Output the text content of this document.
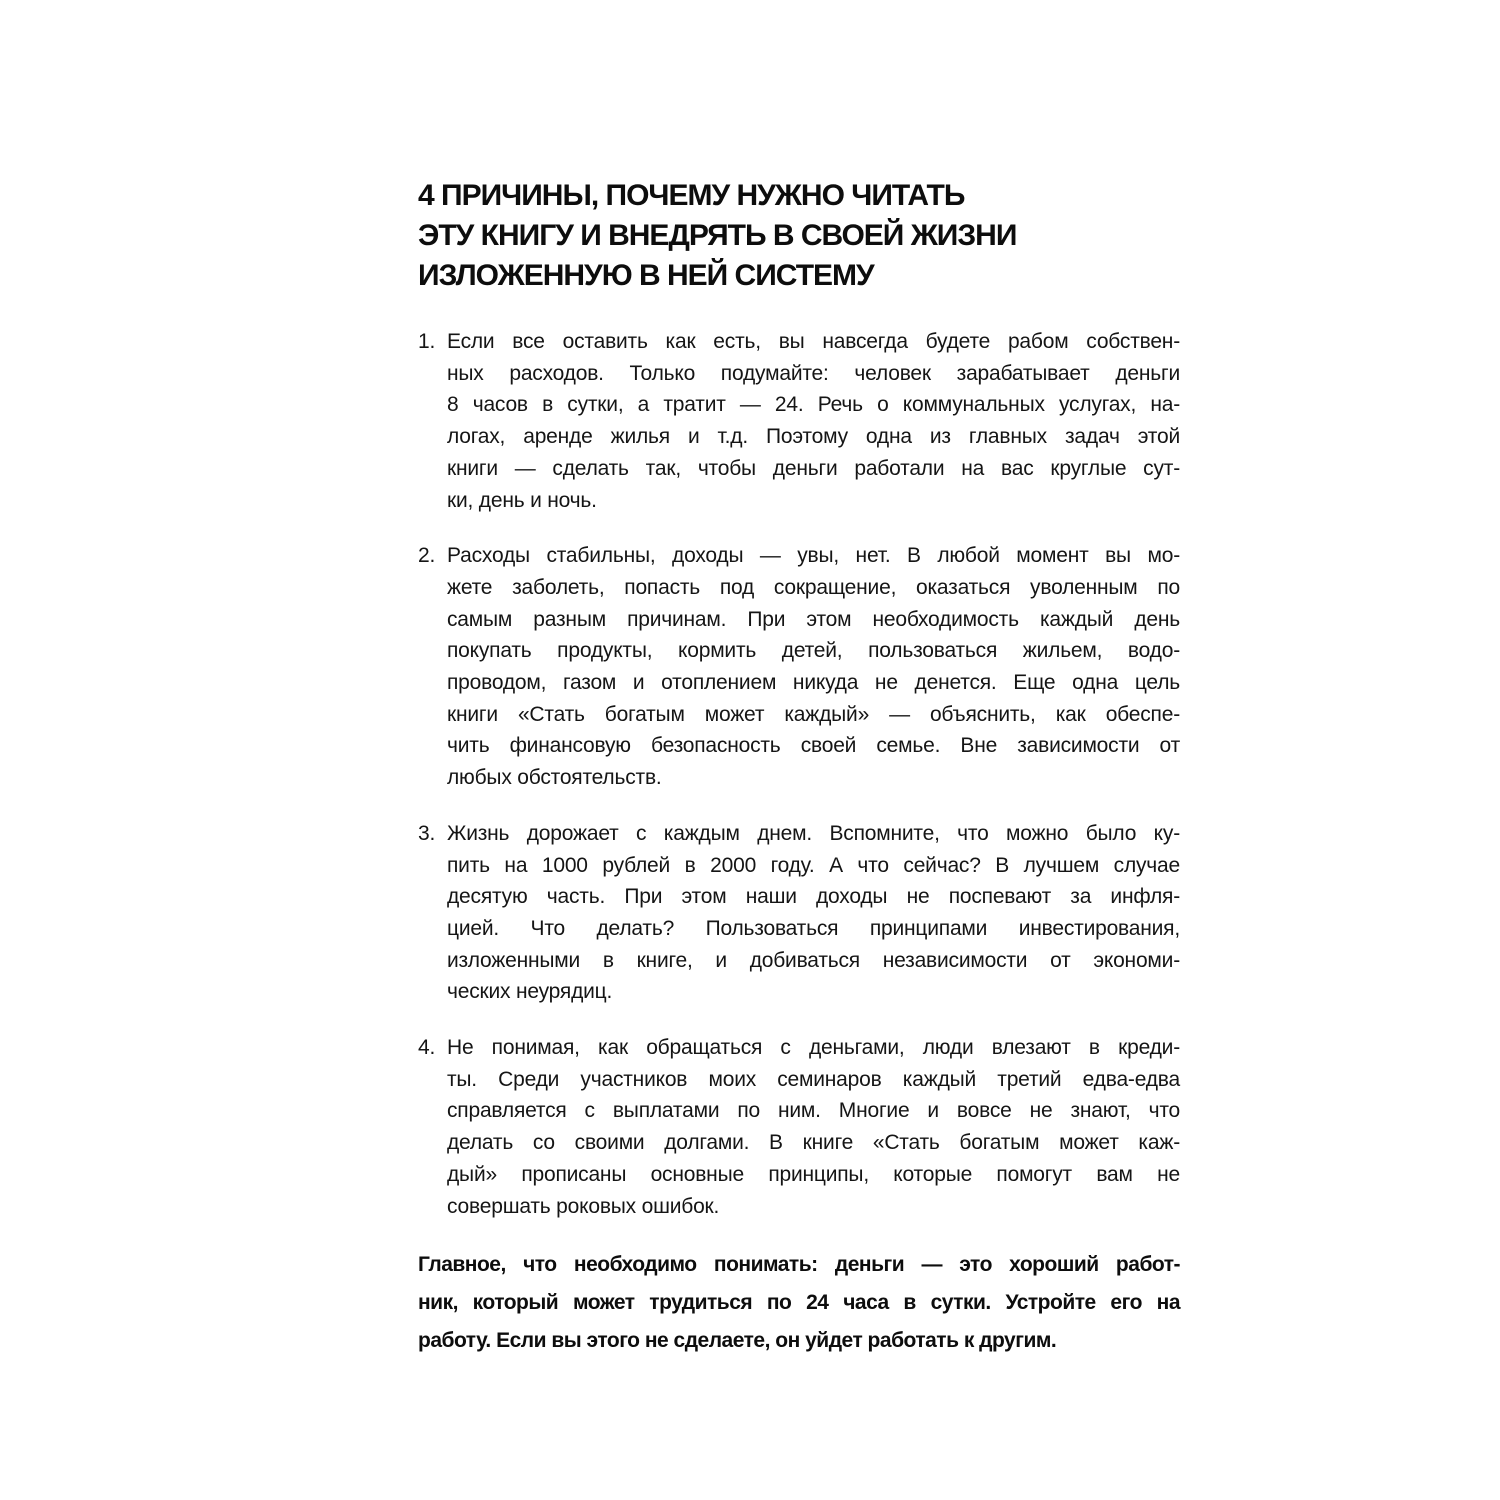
4 ПРИЧИНЫ, ПОЧЕМУ НУЖНО ЧИТАТЬ
ЭТУ КНИГУ И ВНЕДРЯТЬ В СВОЕЙ ЖИЗНИ
ИЗЛОЖЕННУЮ В НЕЙ СИСТЕМУ
1. Если все оставить как есть, вы навсегда будете рабом собствен-
ных расходов. Только подумайте: человек зарабатывает деньги
8 часов в сутки, а тратит — 24. Речь о коммунальных услугах, на-
логах, аренде жилья и т.д. Поэтому одна из главных задач этой
книги — сделать так, чтобы деньги работали на вас круглые сут-
ки, день и ночь.
2. Расходы стабильны, доходы — увы, нет. В любой момент вы мо-
жете заболеть, попасть под сокращение, оказаться уволенным по
самым разным причинам. При этом необходимость каждый день
покупать продукты, кормить детей, пользоваться жильем, водо-
проводом, газом и отоплением никуда не денется. Еще одна цель
книги «Стать богатым может каждый» — объяснить, как обеспе-
чить финансовую безопасность своей семье. Вне зависимости от
любых обстоятельств.
3. Жизнь дорожает с каждым днем. Вспомните, что можно было ку-
пить на 1000 рублей в 2000 году. А что сейчас? В лучшем случае
десятую часть. При этом наши доходы не поспевают за инфля-
цией. Что делать? Пользоваться принципами инвестирования,
изложенными в книге, и добиваться независимости от экономи-
ческих неурядиц.
4. Не понимая, как обращаться с деньгами, люди влезают в креди-
ты. Среди участников моих семинаров каждый третий едва-едва
справляется с выплатами по ним. Многие и вовсе не знают, что
делать со своими долгами. В книге «Стать богатым может каж-
дый» прописаны основные принципы, которые помогут вам не
совершать роковых ошибок.

Главное, что необходимо понимать: деньги — это хороший работ-
ник, который может трудиться по 24 часа в сутки. Устройте его на
работу. Если вы этого не сделаете, он уйдет работать к другим.
